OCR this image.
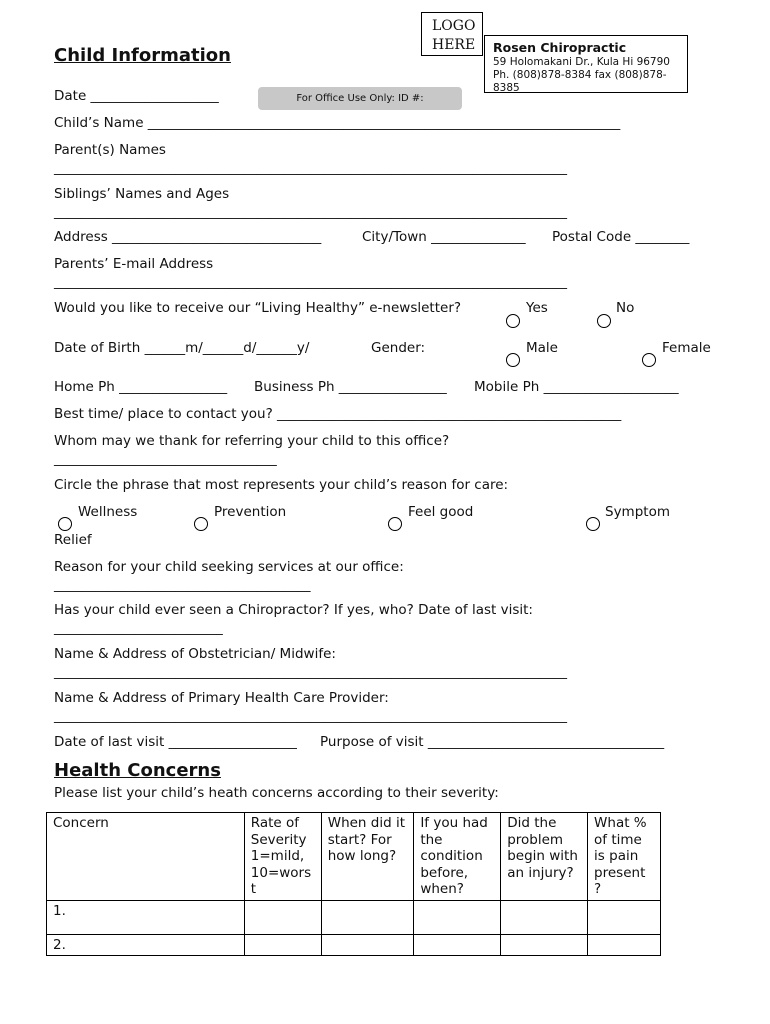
LOGO HERE Rosen Chiropractic
59 Holomakani Dr., Kula Hi 96790
Ph. (808)878-8384 fax (808)878-8385
Child Information
Date ___________________	For Office Use Only: ID #:
Child’s Name ______________________________________________________________________
Parent(s) Names
____________________________________________________________________________
Siblings’ Names and Ages
____________________________________________________________________________
Address _______________________________	City/Town ______________ Postal Code ________
Parents’ E-mail Address
____________________________________________________________________________
Would you like to receive our “Living Healthy” e-newsletter?	Yes	No
Date of Birth ______m/______d/______y/	Gender:	Male	Female
Home Ph ________________ Business Ph ________________ Mobile Ph ____________________
Best time/ place to contact you? ___________________________________________________
Whom may we thank for referring your child to this office?
_________________________________
Circle the phrase that most represents your child’s reason for care:
Wellness	Prevention	Feel good	Symptom
Relief
Reason for your child seeking services at our office:
______________________________________
Has your child ever seen a Chiropractor? If yes, who? Date of last visit:
_________________________
Name & Address of Obstetrician/ Midwife:
____________________________________________________________________________
Name & Address of Primary Health Care Provider:
____________________________________________________________________________
Date of last visit ___________________ Purpose of visit ___________________________________
Health Concerns
Please list your child’s heath concerns according to their severity:
Concern	Rate of Severity 1=mild, 10=wors t	When did it start? For how long?	If you had the condition before, when?	Did the problem begin with an injury?	What % of time is pain present ?
1.					
2.					
